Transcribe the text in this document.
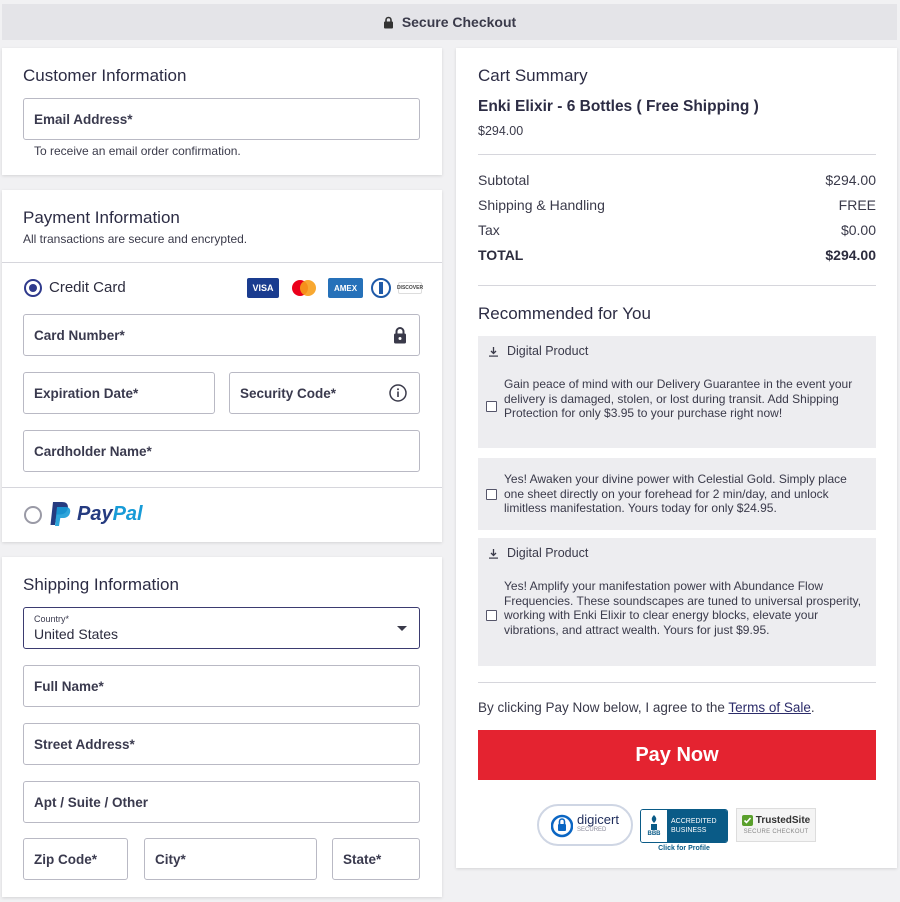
Secure Checkout
Customer Information
Email Address*
To receive an email order confirmation.
Payment Information
All transactions are secure and encrypted.
Credit Card	VISA	AMEX	DISCOVER
Card Number*
Expiration Date*	Security Code*
Cardholder Name*
Pay Pal
Shipping Information
Country*
United States
Full Name*
Street Address*
Apt / Suite / Other
Zip Code*	City*	State*
Cart Summary
Enki Elixir - 6 Bottles ( Free Shipping )
$294.00
Subtotal	$294.00
Shipping & Handling	FREE
Tax	$0.00
TOTAL	$294.00
Recommended for You
Digital Product
Gain peace of mind with our Delivery Guarantee in the event your delivery is damaged, stolen, or lost during transit. Add Shipping Protection for only $3.95 to your purchase right now!
Yes! Awaken your divine power with Celestial Gold. Simply place one sheet directly on your forehead for 2 min/day, and unlock limitless manifestation. Yours today for only $24.95.
Digital Product
Yes! Amplify your manifestation power with Abundance Flow Frequencies. These soundscapes are tuned to universal prosperity, working with Enki Elixir to clear energy blocks, elevate your vibrations, and attract wealth. Yours for just $9.95.
By clicking Pay Now below, I agree to the Terms of Sale.
Pay Now
digicert
SECURED
BBB
ACCREDITED
BUSINESS
Click for Profile
TrustedSite
SECURE CHECKOUT
